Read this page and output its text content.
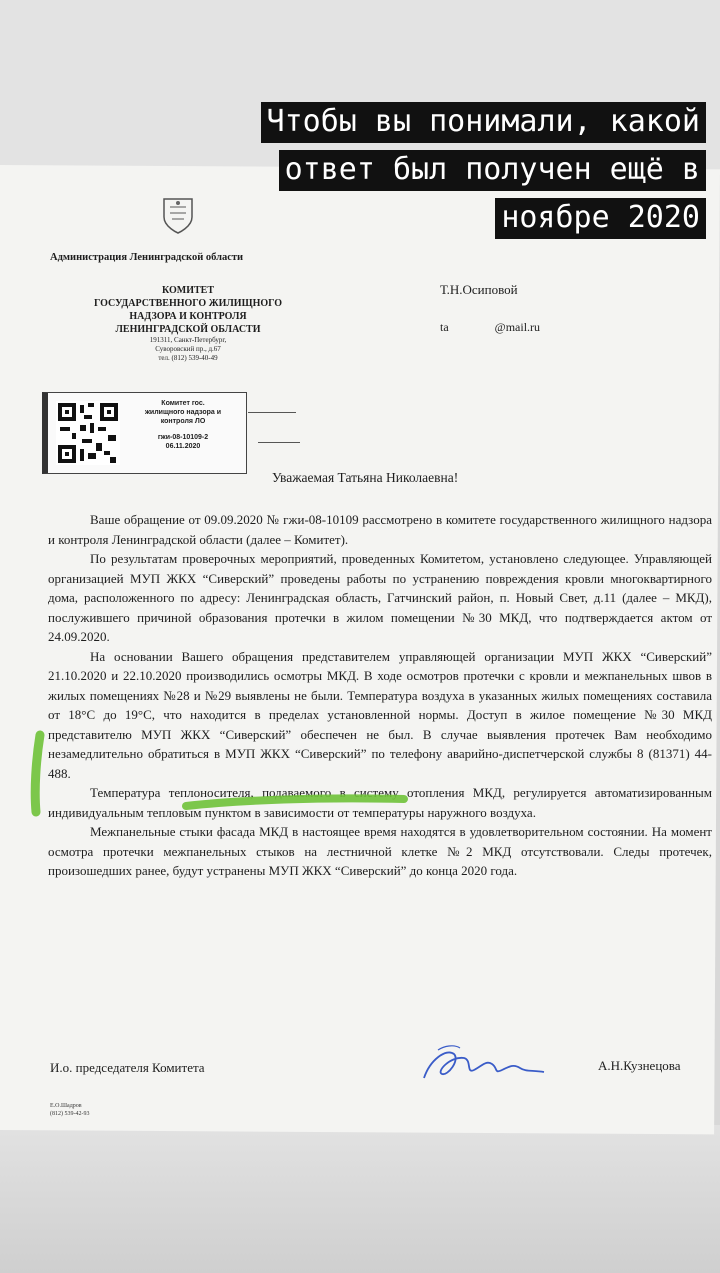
Администрация Ленинградской области
КОМИТЕТ
ГОСУДАРСТВЕННОГО ЖИЛИЩНОГО
НАДЗОРА И КОНТРОЛЯ
ЛЕНИНГРАДСКОЙ ОБЛАСТИ
191311, Санкт-Петербург,
Суворовский пр., д.67
тел. (812) 539-40-49
Т.Н.Осиповой
ta	@mail.ru
Комитет гос.
жилищного надзора и
контроля ЛО
гжи-08-10109-2
06.11.2020
Уважаемая Татьяна Николаевна!

Ваше обращение от 09.09.2020 № гжи-08-10109 рассмотрено в комитете государственного жилищного надзора и контроля Ленинградской области (далее – Комитет).

По результатам проверочных мероприятий, проведенных Комитетом, установлено следующее. Управляющей организацией МУП ЖКХ “Сиверский” проведены работы по устранению повреждения кровли многоквартирного дома, расположенного по адресу: Ленинградская область, Гатчинский район, п. Новый Свет, д.11 (далее – МКД), послужившего причиной образования протечки в жилом помещении №30 МКД, что подтверждается актом от 24.09.2020.

На основании Вашего обращения представителем управляющей организации МУП ЖКХ “Сиверский” 21.10.2020 и 22.10.2020 производились осмотры МКД. В ходе осмотров протечки с кровли и межпанельных швов в жилых помещениях №28 и №29 выявлены не были. Температура воздуха в указанных жилых помещениях составила от 18°С до 19°С, что находится в пределах установленной нормы. Доступ в жилое помещение №30 МКД представителю МУП ЖКХ “Сиверский” обеспечен не был. В случае выявления протечек Вам необходимо незамедлительно обратиться в МУП ЖКХ “Сиверский” по телефону аварийно-диспетчерской службы 8 (81371) 44-488.

Температура теплоносителя, подаваемого в систему отопления МКД, регулируется автоматизированным индивидуальным тепловым пунктом в зависимости от температуры наружного воздуха.

Межпанельные стыки фасада МКД в настоящее время находятся в удовлетворительном состоянии. На момент осмотра протечки межпанельных стыков на лестничной клетке №2 МКД отсутствовали. Следы протечек, произошедших ранее, будут устранены МУП ЖКХ “Сиверский” до конца 2020 года.

И.о. председателя Комитета	А.Н.Кузнецова
Е.О.Шадров
(812) 539-42-93
Чтобы вы понимали, какой
ответ был получен ещё в
ноябре 2020
